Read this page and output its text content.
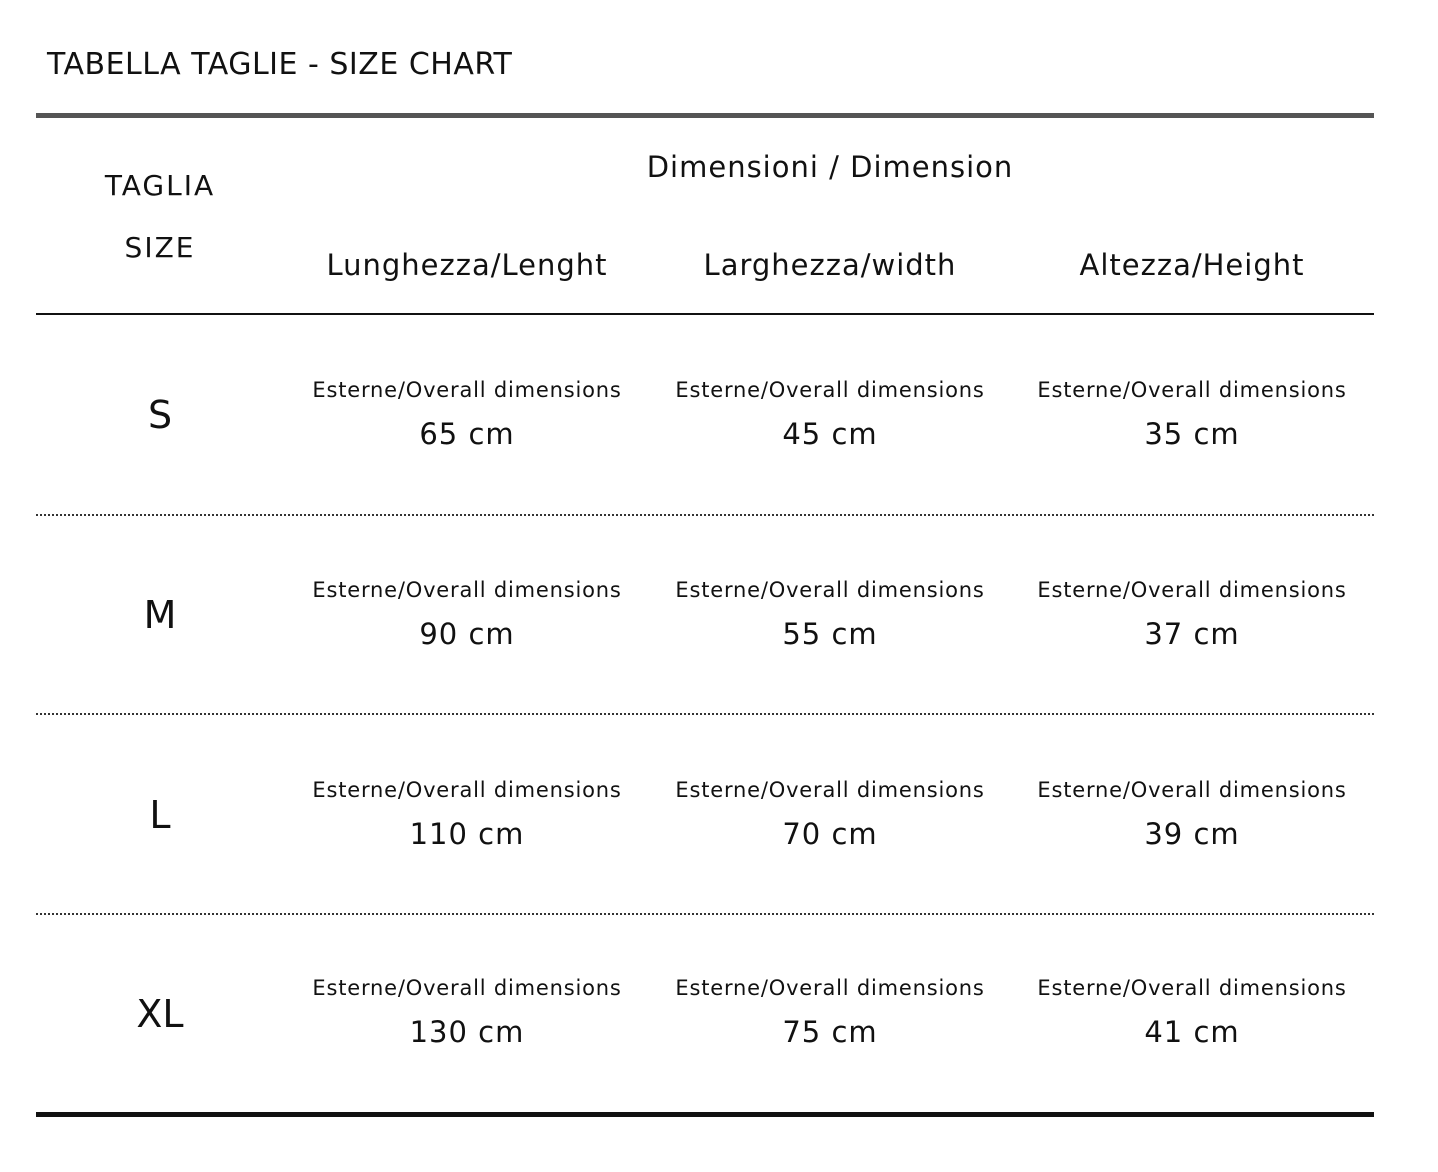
TABELLA TAGLIE - SIZE CHART
TAGLIA
SIZE
Dimensioni / Dimension
Lunghezza/Lenght	Larghezza/width	Altezza/Height
S
Esterne/Overall dimensions
65 cm
Esterne/Overall dimensions
45 cm
Esterne/Overall dimensions
35 cm
M
Esterne/Overall dimensions
90 cm
Esterne/Overall dimensions
55 cm
Esterne/Overall dimensions
37 cm
L
Esterne/Overall dimensions
110 cm
Esterne/Overall dimensions
70 cm
Esterne/Overall dimensions
39 cm
XL
Esterne/Overall dimensions
130 cm
Esterne/Overall dimensions
75 cm
Esterne/Overall dimensions
41 cm
